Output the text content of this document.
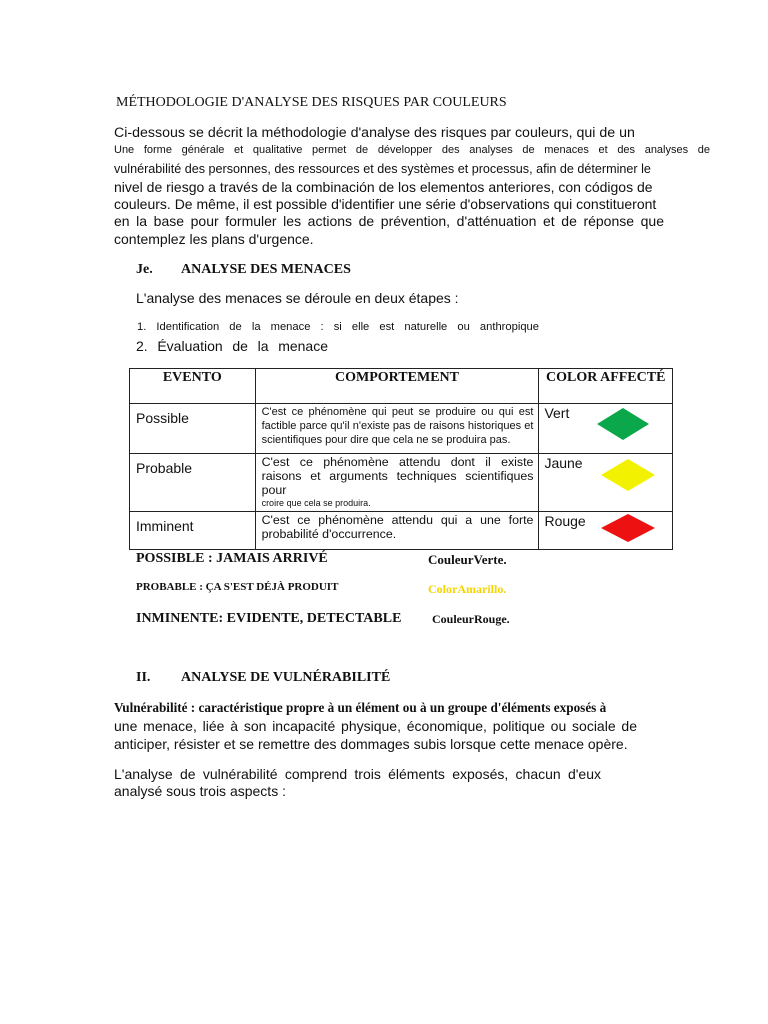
MÉTHODOLOGIE D'ANALYSE DES RISQUES PAR COULEURS
Ci-dessous se décrit la méthodologie d'analyse des risques par couleurs, qui de un
Une forme générale et qualitative permet de développer des analyses de menaces et des analyses de
vulnérabilité des personnes, des ressources et des systèmes et processus, afin de déterminer le
nivel de riesgo a través de la combinación de los elementos anteriores, con códigos de
couleurs. De même, il est possible d'identifier une série d'observations qui constitueront
en la base pour formuler les actions de prévention, d'atténuation et de réponse que
contemplez les plans d'urgence.
Je. ANALYSE DES MENACES
L'analyse des menaces se déroule en deux étapes :
1. Identification de la menace : si elle est naturelle ou anthropique
2. Évaluation de la menace
EVENTO	COMPORTEMENT	COLOR AFFECTÉ
Possible	C'est ce phénomène qui peut se produire ou qui est factible parce qu'il n'existe pas de raisons historiques et scientifiques pour dire que cela ne se produira pas.	Vert

Probable	C'est ce phénomène attendu dont il existe raisons et arguments techniques scientifiques pour
croire que cela se produira.	Jaune

Imminent	C'est ce phénomène attendu qui a une forte probabilité d'occurrence.	Rouge
POSSIBLE : JAMAIS ARRIVÉ	CouleurVerte.
PROBABLE : ÇA S'EST DÉJÀ PRODUIT	ColorAmarillo.
INMINENTE: EVIDENTE, DETECTABLE	CouleurRouge.
II. ANALYSE DE VULNÉRABILITÉ
Vulnérabilité : caractéristique propre à un élément ou à un groupe d'éléments exposés à
une menace, liée à son incapacité physique, économique, politique ou sociale de
anticiper, résister et se remettre des dommages subis lorsque cette menace opère.
L'analyse de vulnérabilité comprend trois éléments exposés, chacun d'eux
analysé sous trois aspects :
